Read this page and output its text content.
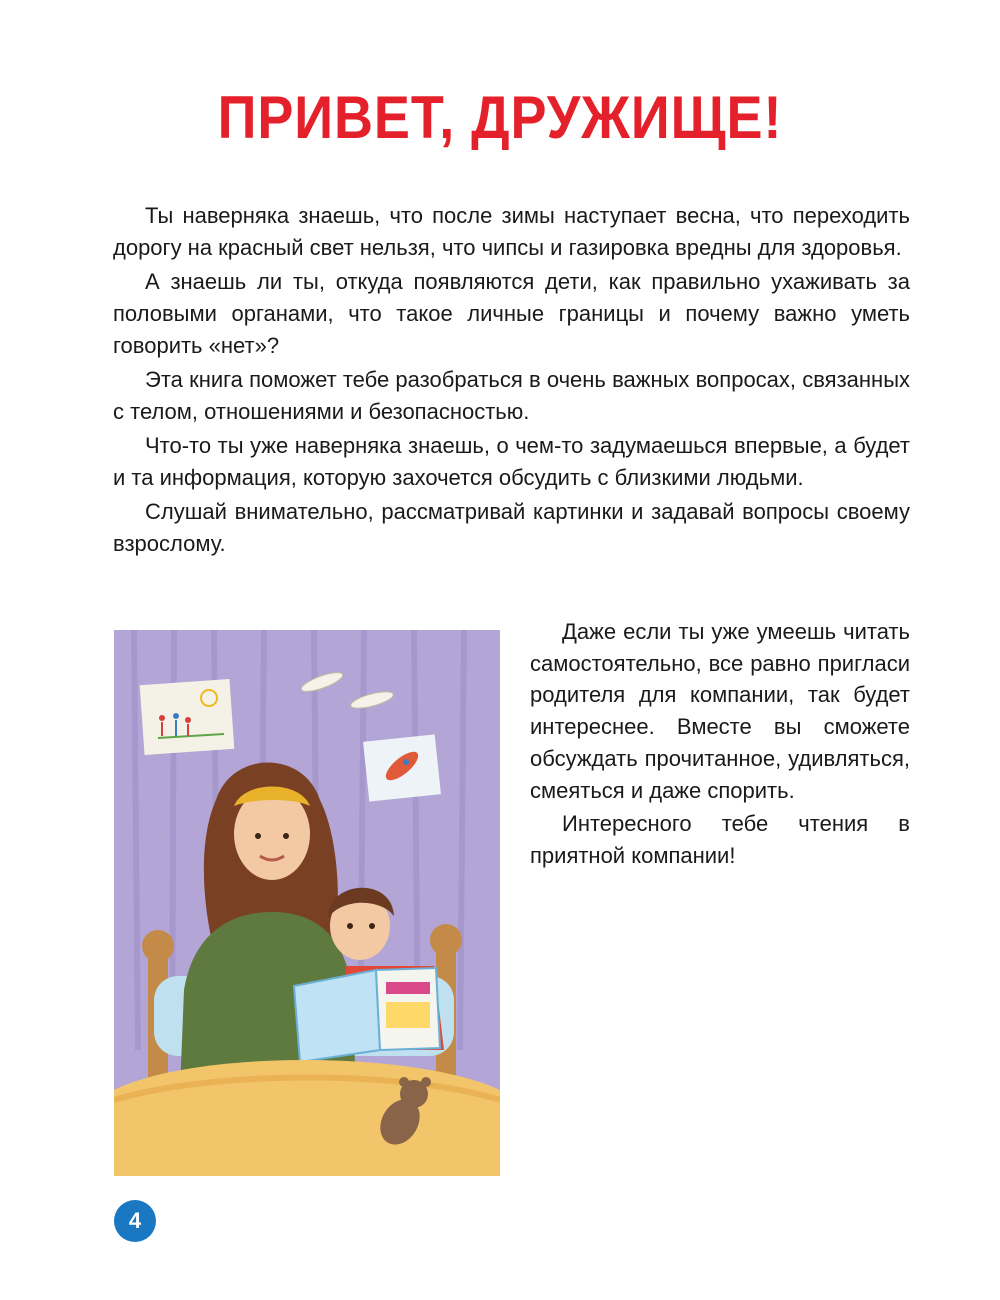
ПРИВЕТ, ДРУЖИЩЕ!

Ты наверняка знаешь, что после зимы наступает весна, что переходить дорогу на красный свет нельзя, что чипсы и газировка вредны для здоровья.

А знаешь ли ты, откуда появляются дети, как правильно ухаживать за половыми органами, что такое личные границы и почему важно уметь говорить «нет»?

Эта книга поможет тебе разобраться в очень важных вопросах, связанных с телом, отношениями и безопасностью.

Что-то ты уже наверняка знаешь, о чем-то задумаешься впервые, а будет и та информация, которую захочется обсудить с близкими людьми.

Слушай внимательно, рассматривай картинки и задавай вопросы своему взрослому.

Даже если ты уже умеешь читать самостоятельно, все равно пригласи родителя для компании, так будет интереснее. Вместе вы сможете обсуждать прочитанное, удивляться, смеяться и даже спорить.

Интересного тебе чтения в приятной компании!

4
